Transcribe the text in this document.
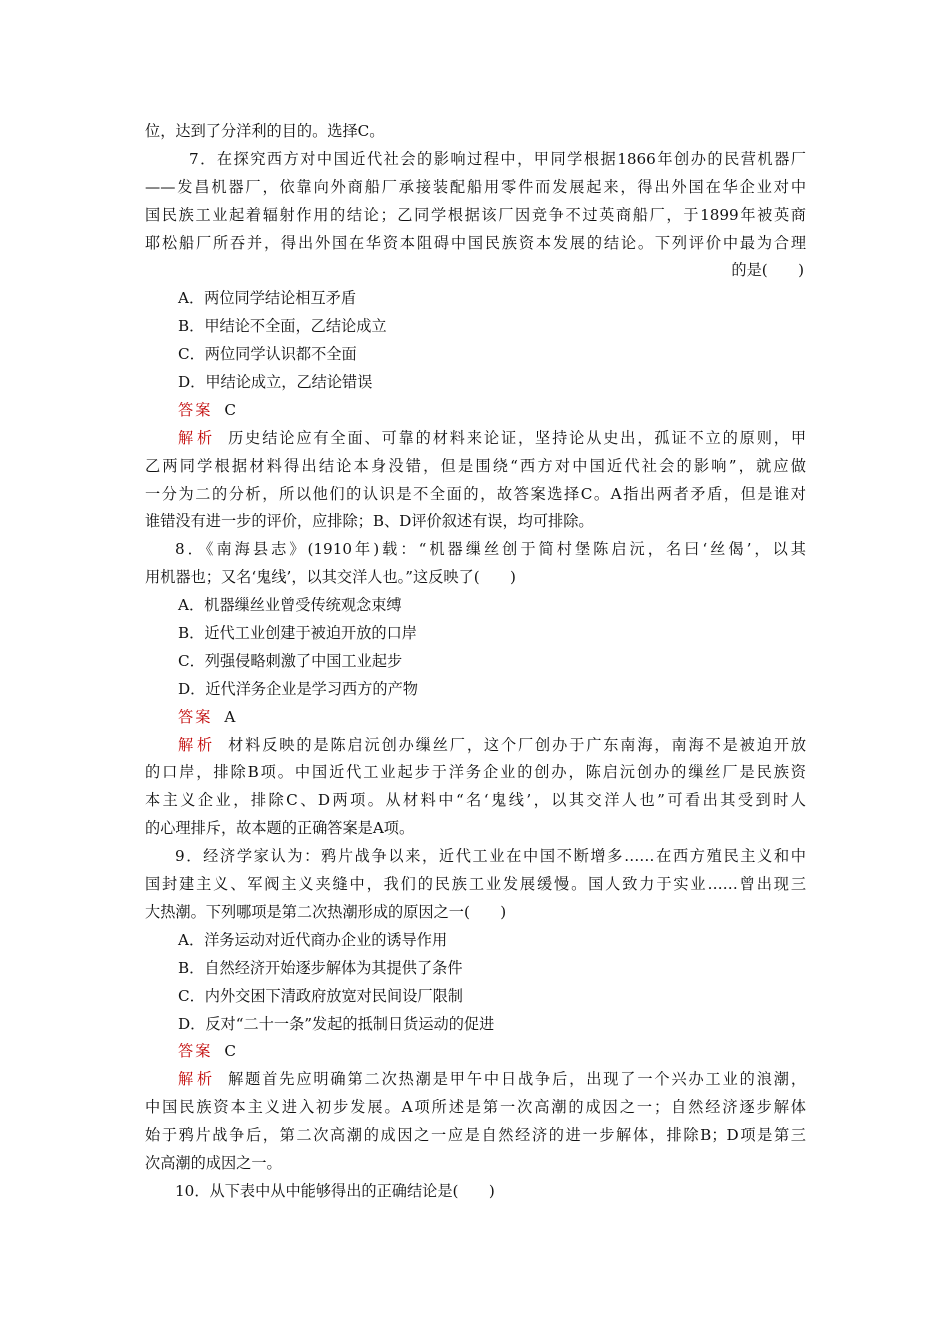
位，达到了分洋利的目的。选择C。
7．在探究西方对中国近代社会的影响过程中，甲同学根据1866年创办的民营机器厂
——发昌机器厂，依靠向外商船厂承接装配船用零件而发展起来，得出外国在华企业对中
国民族工业起着辐射作用的结论；乙同学根据该厂因竞争不过英商船厂，于1899年被英商
耶松船厂所吞并，得出外国在华资本阻碍中国民族资本发展的结论。下列评价中最为合理
的是(　　)
A．两位同学结论相互矛盾
B．甲结论不全面，乙结论成立
C．两位同学认识都不全面
D．甲结论成立，乙结论错误
答案 C
解析 历史结论应有全面、可靠的材料来论证，坚持论从史出，孤证不立的原则，甲
乙两同学根据材料得出结论本身没错，但是围绕“西方对中国近代社会的影响”，就应做
一分为二的分析，所以他们的认识是不全面的，故答案选择C。A指出两者矛盾，但是谁对
谁错没有进一步的评价，应排除；B、D评价叙述有误，均可排除。
8．《南海县志》(1910年)载：“机器缫丝创于简村堡陈启沅，名曰‘丝偈’，以其
用机器也；又名‘鬼线’，以其交洋人也。”这反映了(　　)
A．机器缫丝业曾受传统观念束缚
B．近代工业创建于被迫开放的口岸
C．列强侵略刺激了中国工业起步
D．近代洋务企业是学习西方的产物
答案 A
解析 材料反映的是陈启沅创办缫丝厂，这个厂创办于广东南海，南海不是被迫开放
的口岸，排除B项。中国近代工业起步于洋务企业的创办，陈启沅创办的缫丝厂是民族资
本主义企业，排除C、D两项。从材料中“名‘鬼线’，以其交洋人也”可看出其受到时人
的心理排斥，故本题的正确答案是A项。
9．经济学家认为：鸦片战争以来，近代工业在中国不断增多……在西方殖民主义和中
国封建主义、军阀主义夹缝中，我们的民族工业发展缓慢。国人致力于实业……曾出现三
大热潮。下列哪项是第二次热潮形成的原因之一(　　)
A．洋务运动对近代商办企业的诱导作用
B．自然经济开始逐步解体为其提供了条件
C．内外交困下清政府放宽对民间设厂限制
D．反对“二十一条”发起的抵制日货运动的促进
答案 C
解析 解题首先应明确第二次热潮是甲午中日战争后，出现了一个兴办工业的浪潮，
中国民族资本主义进入初步发展。A项所述是第一次高潮的成因之一；自然经济逐步解体
始于鸦片战争后，第二次高潮的成因之一应是自然经济的进一步解体，排除B；D项是第三
次高潮的成因之一。
10．从下表中从中能够得出的正确结论是(　　)
